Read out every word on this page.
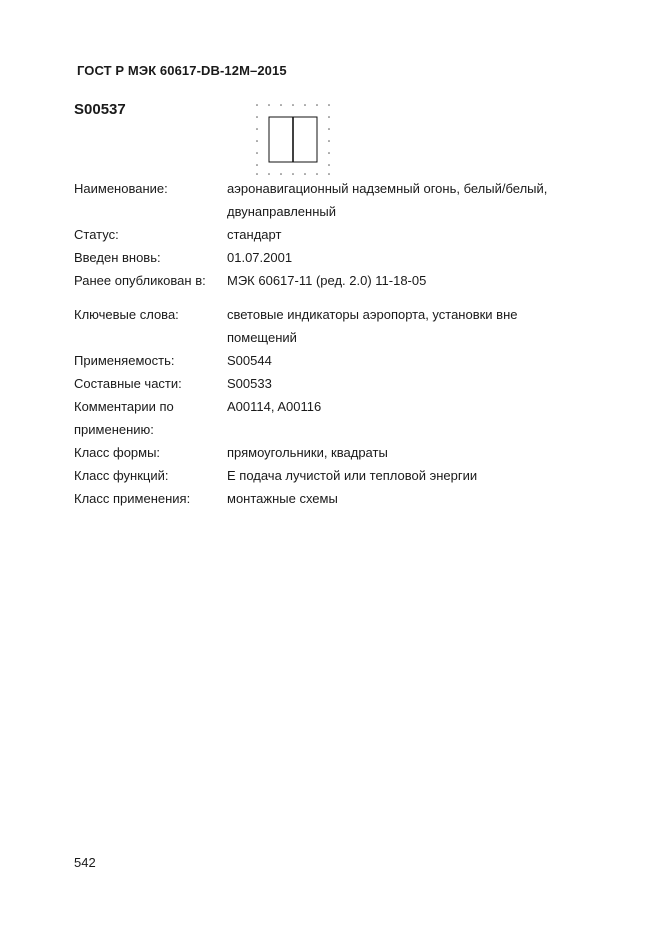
ГОСТ Р МЭК 60617-DB-12M–2015
S00537
Наименование:	аэронавигационный надземный огонь, белый/белый, двунаправленный
Статус:	стандарт
Введен вновь:	01.07.2001
Ранее опубликован в:	МЭК 60617-11 (ред. 2.0) 11-18-05
Ключевые слова:	световые индикаторы аэропорта, установки вне помещений
Применяемость:	S00544
Составные части:	S00533
Комментарии по применению:
A00114, A00116
Класс формы:	прямоугольники, квадраты
Класс функций:	E подача лучистой или тепловой энергии
Класс применения:	монтажные схемы
542
